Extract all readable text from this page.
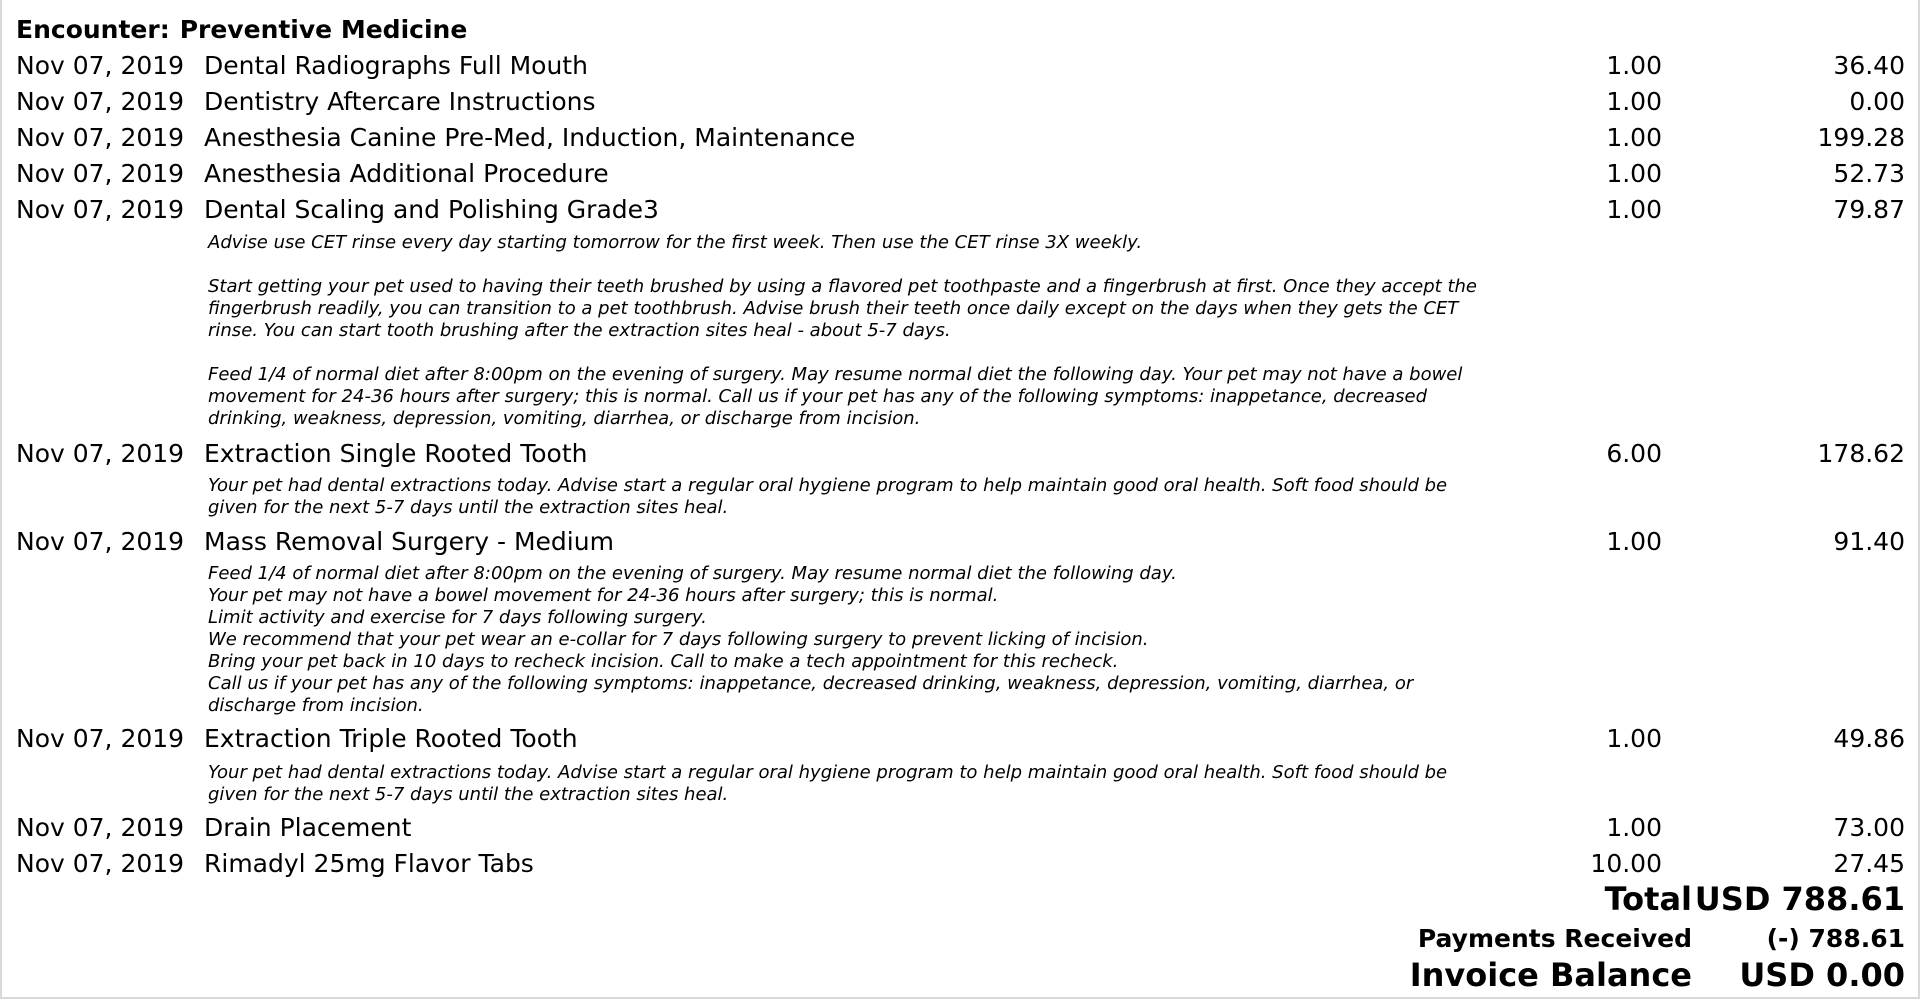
Encounter: Preventive Medicine
Nov 07, 2019 Dental Radiographs Full Mouth	1.00	36.40
Nov 07, 2019 Dentistry Aftercare Instructions	1.00	0.00
Nov 07, 2019 Anesthesia Canine Pre-Med, Induction, Maintenance	1.00	199.28
Nov 07, 2019 Anesthesia Additional Procedure	1.00	52.73
Nov 07, 2019 Dental Scaling and Polishing Grade3	1.00	79.87
Advise use CET rinse every day starting tomorrow for the first week. Then use the CET rinse 3X weekly.
Start getting your pet used to having their teeth brushed by using a flavored pet toothpaste and a fingerbrush at first. Once they accept the
fingerbrush readily, you can transition to a pet toothbrush. Advise brush their teeth once daily except on the days when they gets the CET
rinse. You can start tooth brushing after the extraction sites heal - about 5-7 days.
Feed 1/4 of normal diet after 8:00pm on the evening of surgery. May resume normal diet the following day. Your pet may not have a bowel
movement for 24-36 hours after surgery; this is normal. Call us if your pet has any of the following symptoms: inappetance, decreased
drinking, weakness, depression, vomiting, diarrhea, or discharge from incision.
Nov 07, 2019 Extraction Single Rooted Tooth	6.00	178.62
Your pet had dental extractions today. Advise start a regular oral hygiene program to help maintain good oral health. Soft food should be
given for the next 5-7 days until the extraction sites heal.
Nov 07, 2019 Mass Removal Surgery - Medium	1.00	91.40
Feed 1/4 of normal diet after 8:00pm on the evening of surgery. May resume normal diet the following day.
Your pet may not have a bowel movement for 24-36 hours after surgery; this is normal.
Limit activity and exercise for 7 days following surgery.
We recommend that your pet wear an e-collar for 7 days following surgery to prevent licking of incision.
Bring your pet back in 10 days to recheck incision. Call to make a tech appointment for this recheck.
Call us if your pet has any of the following symptoms: inappetance, decreased drinking, weakness, depression, vomiting, diarrhea, or
discharge from incision.
Nov 07, 2019 Extraction Triple Rooted Tooth	1.00	49.86
Your pet had dental extractions today. Advise start a regular oral hygiene program to help maintain good oral health. Soft food should be
given for the next 5-7 days until the extraction sites heal.
Nov 07, 2019 Drain Placement	1.00	73.00
Nov 07, 2019 Rimadyl 25mg Flavor Tabs	10.00	27.45
Total USD 788.61
Payments Received	(-) 788.61
Invoice Balance USD 0.00
